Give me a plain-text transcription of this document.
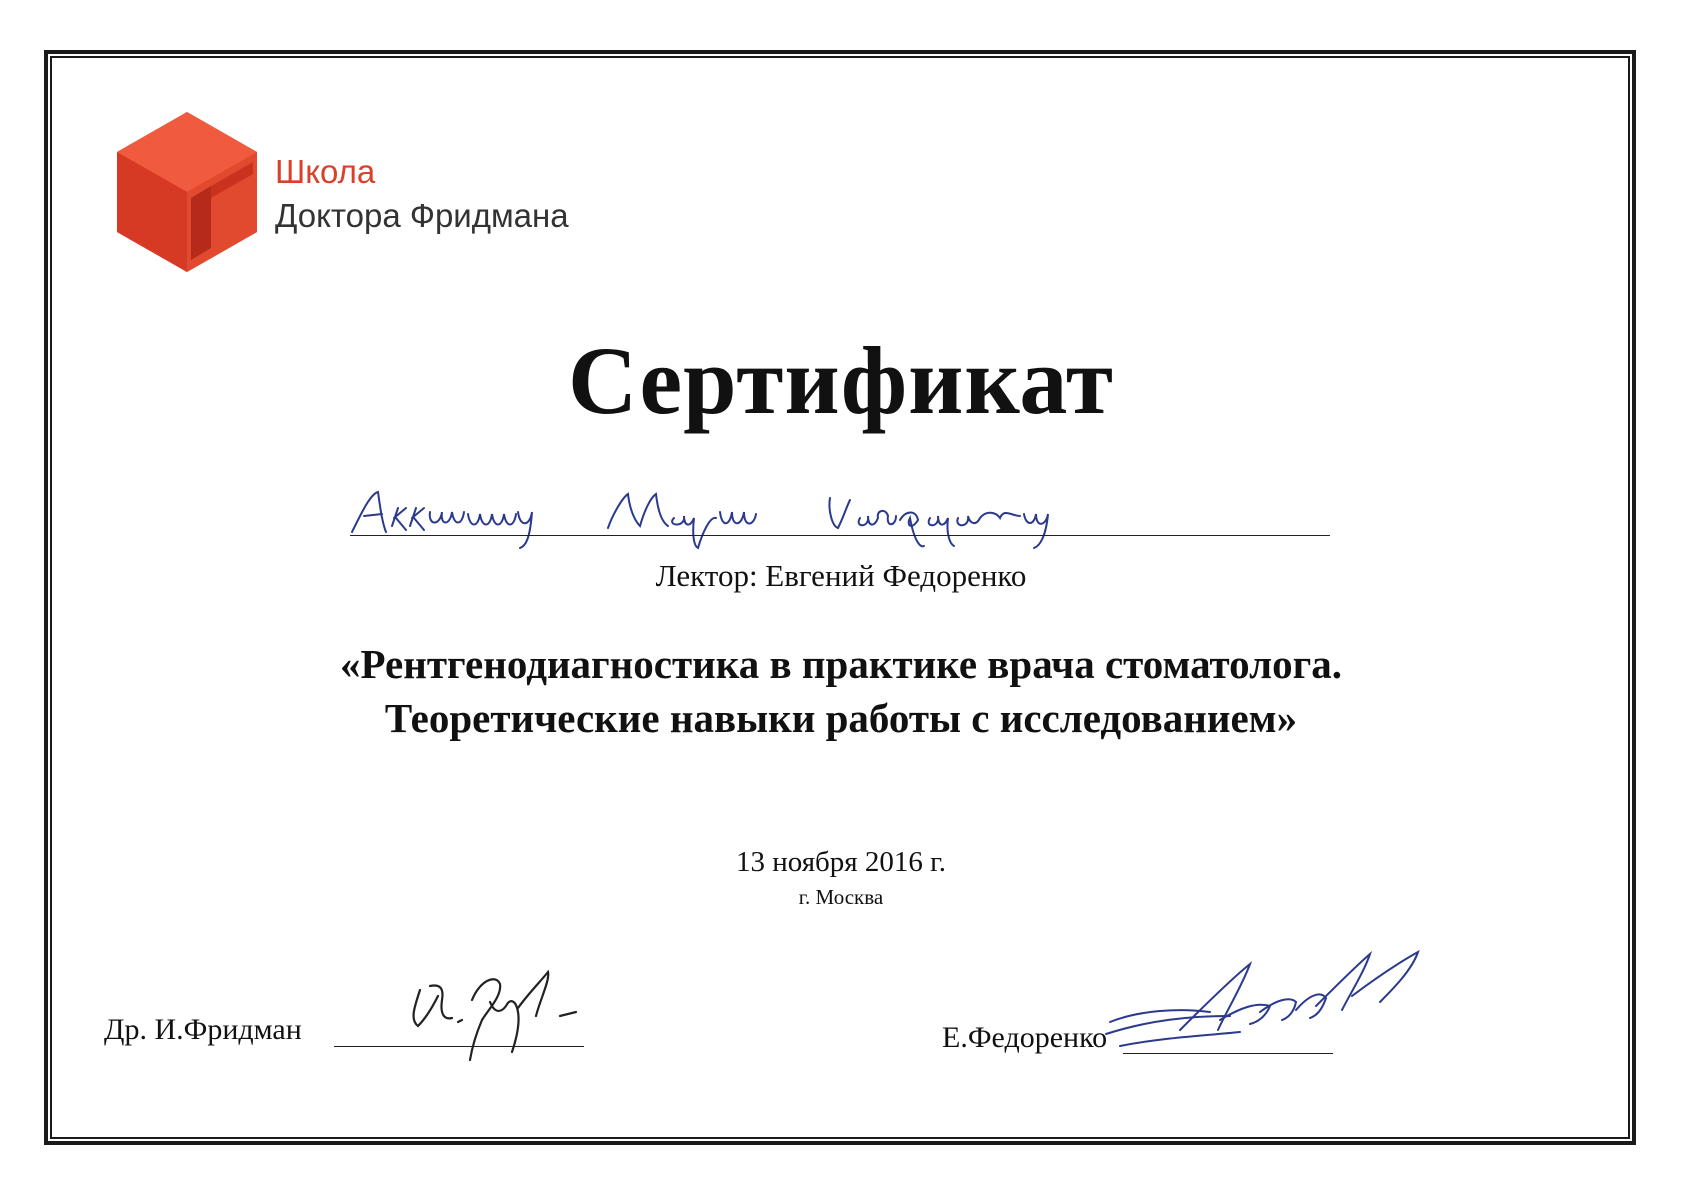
Школа
Доктора Фридмана
Сертификат
Лектор: Евгений Федоренко
«Рентгенодиагностика в практике врача стоматолога.
Теоретические навыки работы с исследованием»
13 ноября 2016 г.
г. Москва
Др. И.Фридман	Е.Федоренко
